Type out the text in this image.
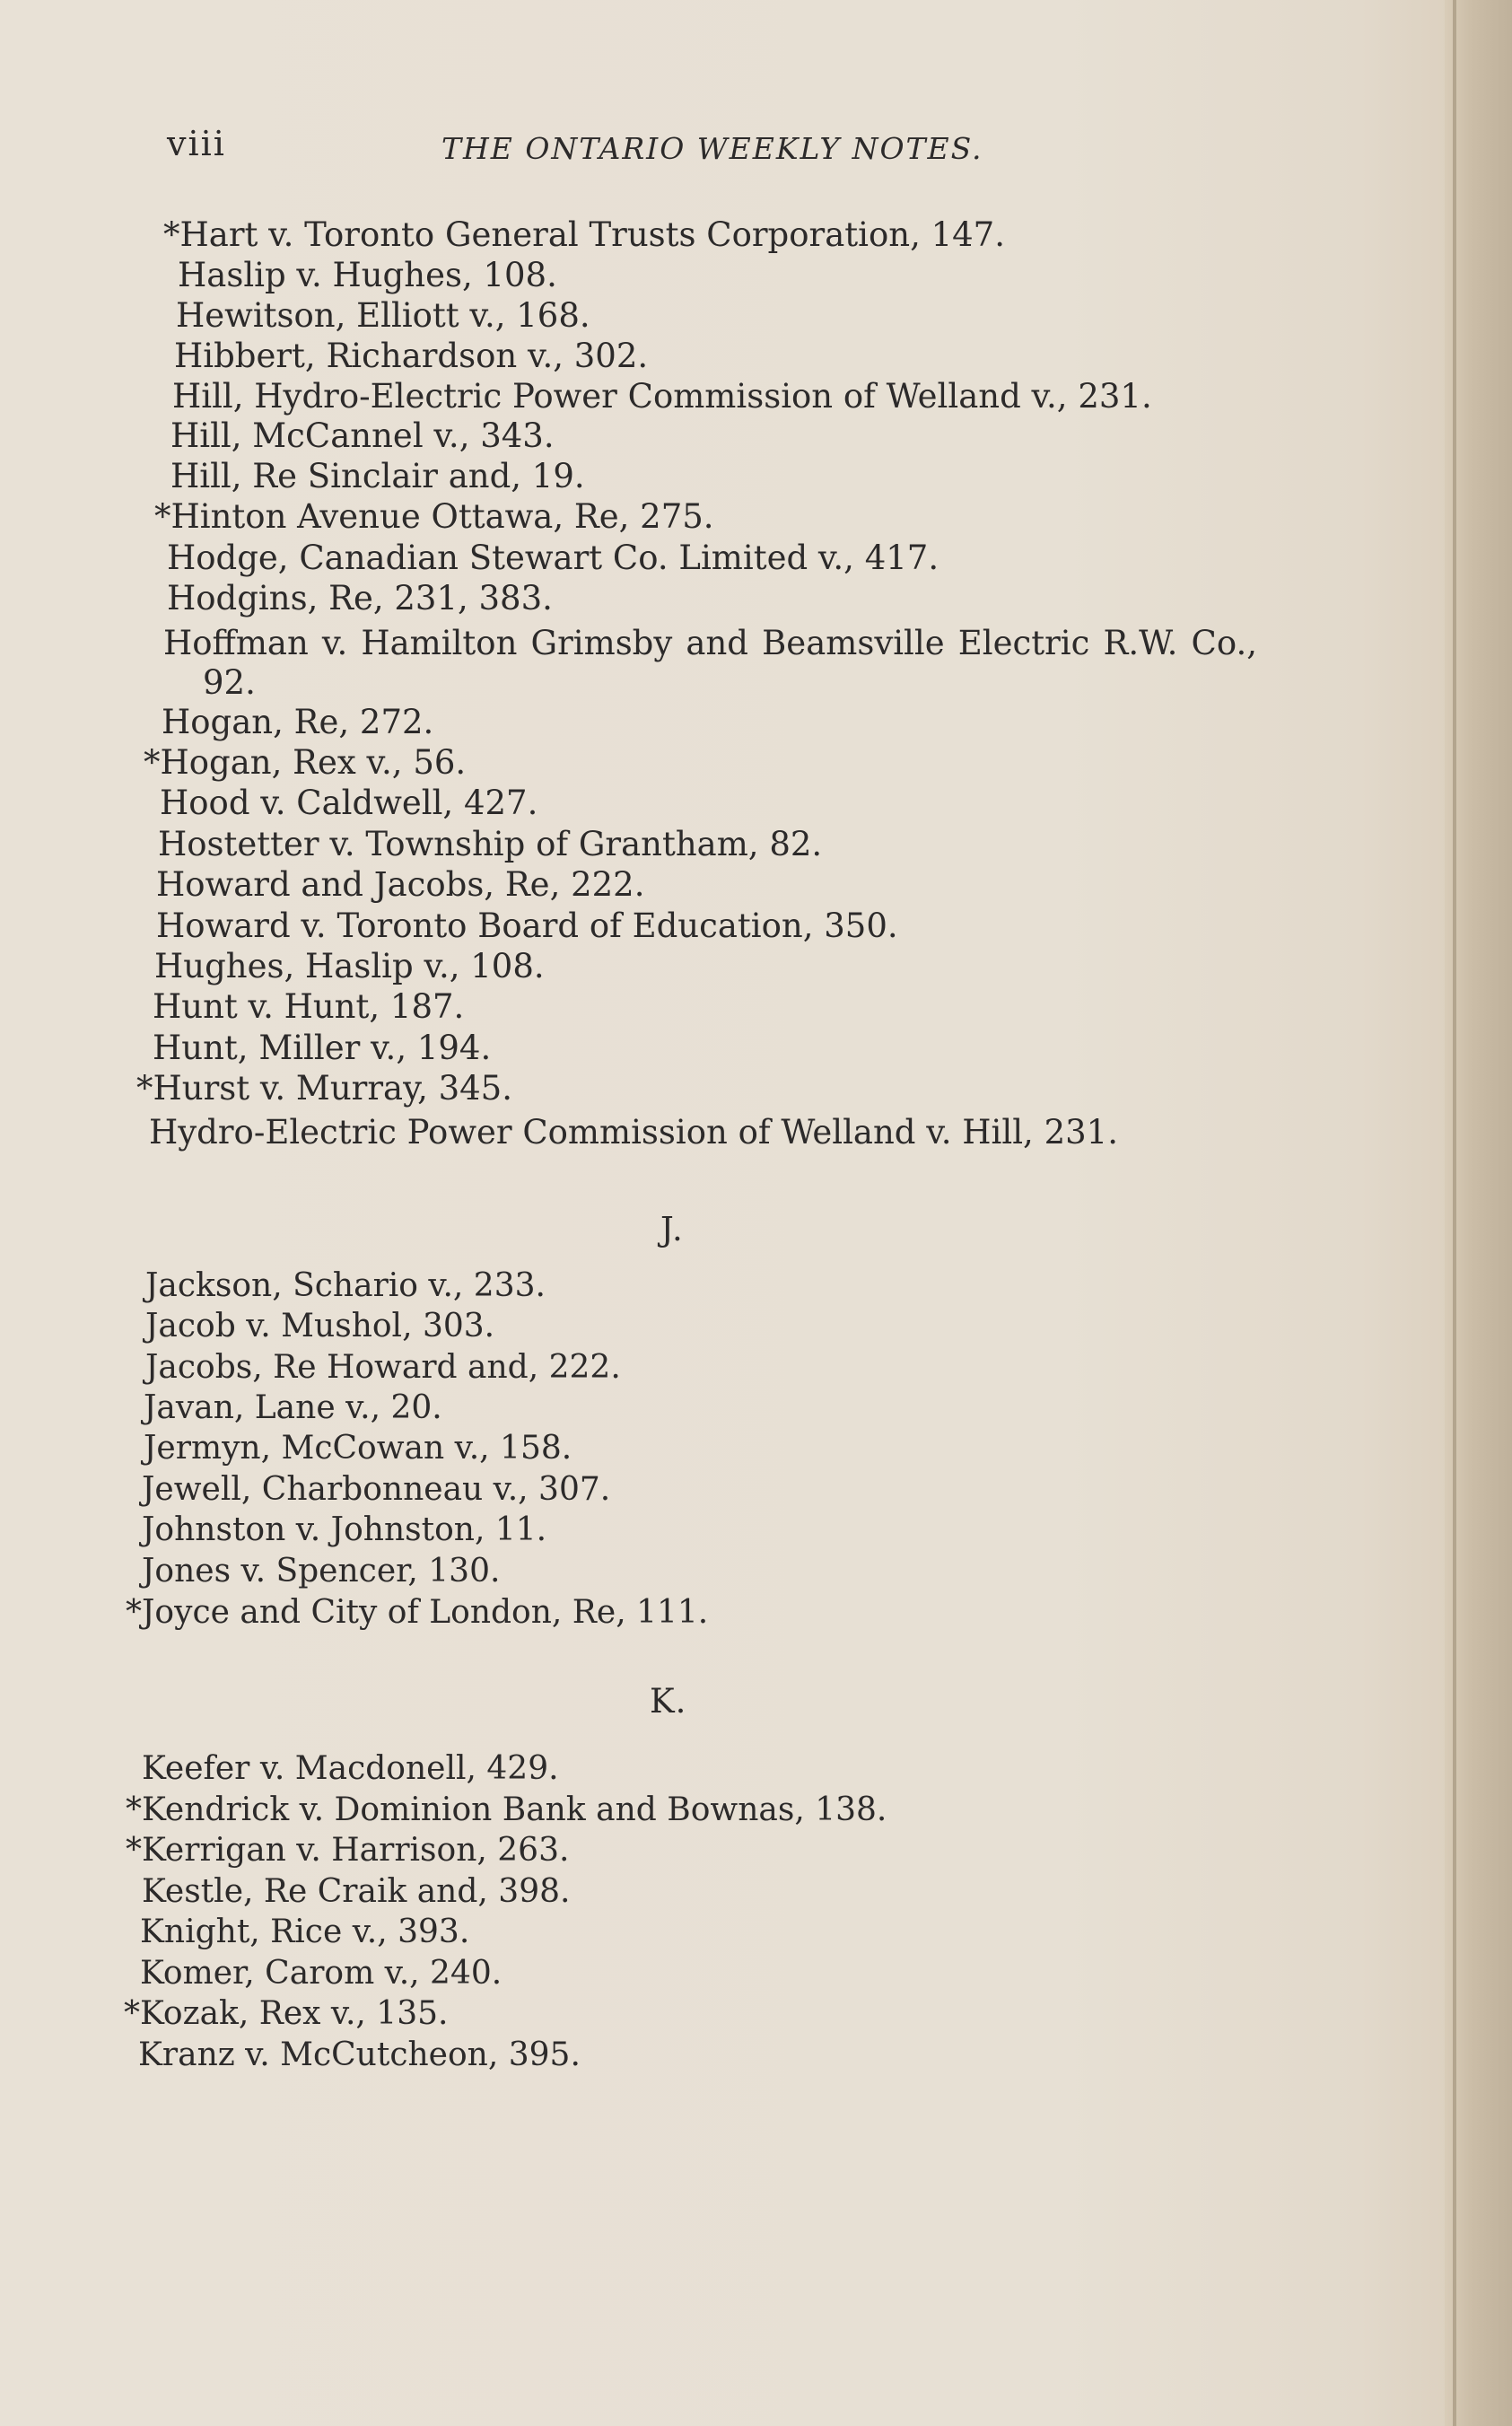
viii	THE ONTARIO WEEKLY NOTES.
*Hart v. Toronto General Trusts Corporation, 147.
Haslip v. Hughes, 108.
Hewitson, Elliott v., 168.
Hibbert, Richardson v., 302.
Hill, Hydro-Electric Power Commission of Welland v., 231.
Hill, McCannel v., 343.
Hill, Re Sinclair and, 19.
*Hinton Avenue Ottawa, Re, 275.
Hodge, Canadian Stewart Co. Limited v., 417.
Hodgins, Re, 231, 383.
Hoffman v. Hamilton Grimsby and Beamsville Electric R.W. Co., 92.
Hogan, Re, 272.
*Hogan, Rex v., 56.
Hood v. Caldwell, 427.
Hostetter v. Township of Grantham, 82.
Howard and Jacobs, Re, 222.
Howard v. Toronto Board of Education, 350.
Hughes, Haslip v., 108.
Hunt v. Hunt, 187.
Hunt, Miller v., 194.
*Hurst v. Murray, 345.
Hydro-Electric Power Commission of Welland v. Hill, 231.
J.
Jackson, Schario v., 233.
Jacob v. Mushol, 303.
Jacobs, Re Howard and, 222.
Javan, Lane v., 20.
Jermyn, McCowan v., 158.
Jewell, Charbonneau v., 307.
Johnston v. Johnston, 11.
Jones v. Spencer, 130.
*Joyce and City of London, Re, 111.
K.
Keefer v. Macdonell, 429.
*Kendrick v. Dominion Bank and Bownas, 138.
*Kerrigan v. Harrison, 263.
Kestle, Re Craik and, 398.
Knight, Rice v., 393.
Komer, Carom v., 240.
*Kozak, Rex v., 135.
Kranz v. McCutcheon, 395.
